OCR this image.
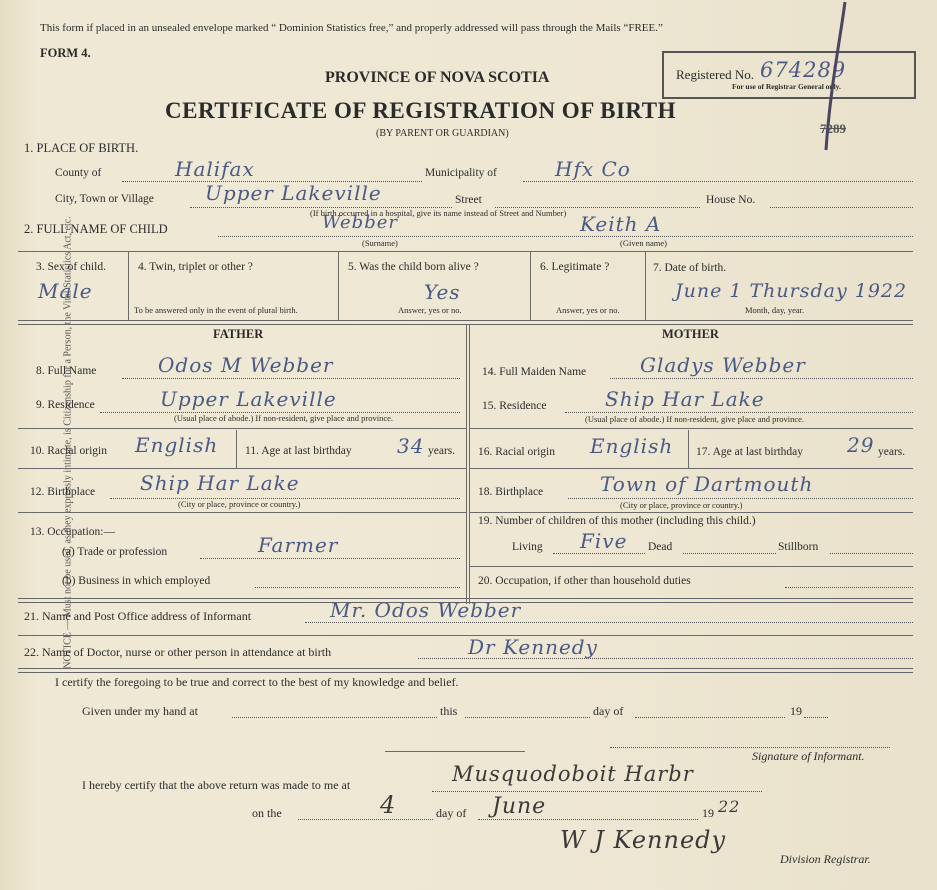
NOTICE — Must not be used, as they expressly intimate, is Citizenship for a Person, the Vital Statistics Act, etc.
This form if placed in an unsealed envelope marked “ Dominion Statistics free,” and properly addressed will pass through the Mails “FREE.”
FORM 4.
PROVINCE OF NOVA SCOTIA
CERTIFICATE OF REGISTRATION OF BIRTH
(BY PARENT OR GUARDIAN)
Registered No. 674289
For use of Registrar General only.
7289
1. PLACE OF BIRTH.
County of	Halifax	Municipality of	Hfx Co
City, Town or Village	Upper Lakeville	Street	House No.
(If birth occurred in a hospital, give its name instead of Street and Number)
2. FULL NAME OF CHILD	Webber	Keith A
(Surname)	(Given name)
3. Sex of child.
Male
4. Twin, triplet or other ?
To be answered only in the event of plural birth.
5. Was the child born alive ?
Yes
Answer, yes or no.
6. Legitimate ?
Answer, yes or no.
7. Date of birth.
June 1 Thursday 1922
Month, day, year.
FATHER	MOTHER
8. Full Name	Odos M Webber
9. Residence	Upper Lakeville
(Usual place of abode.) If non-resident, give place and province.
10. Racial origin English 11. Age at last birthday 34 years.
12. Birthplace Ship Har Lake
(City or place, province or country.)
13. Occupation:—
(a) Trade or profession	Farmer
(b) Business in which employed
14. Full Maiden Name	Gladys Webber
15. Residence	Ship Har Lake
(Usual place of abode.) If non-resident, give place and province.
16. Racial origin English 17. Age at last birthday 29 years.
18. Birthplace	Town of Dartmouth
(City or place, province or country.)
19. Number of children of this mother (including this child.)
Living Five Dead	Stillborn
20. Occupation, if other than household duties
21. Name and Post Office address of Informant	Mr. Odos Webber
22. Name of Doctor, nurse or other person in attendance at birth	Dr Kennedy
I certify the foregoing to be true and correct to the best of my knowledge and belief.
Given under my hand at	this	day of	19
Signature of Informant.
I hereby certify that the above return was made to me at	Musquodoboit Harbr
on the	4	day of June	19 22
W J Kennedy
Division Registrar.
